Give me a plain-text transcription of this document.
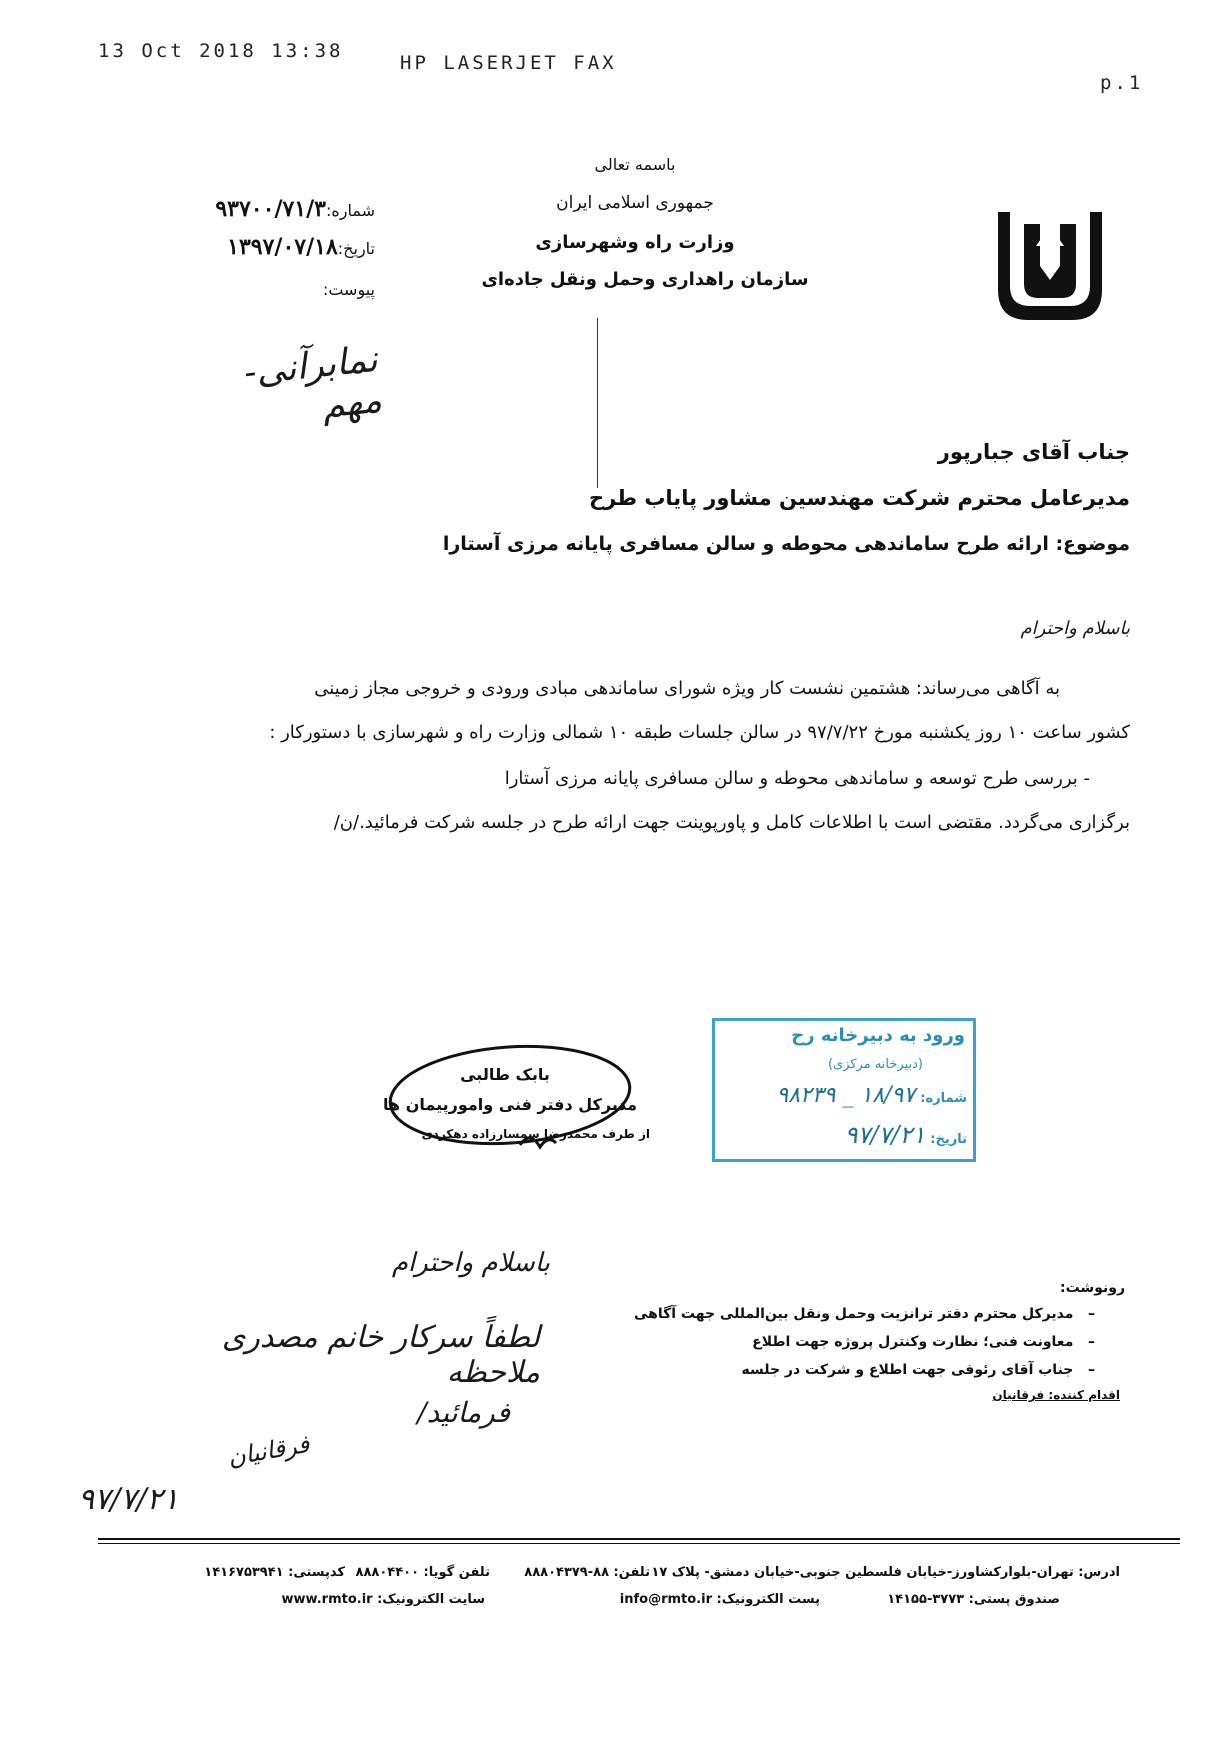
13 Oct 2018 13:38
HP LASERJET FAX
p.1
باسمه تعالی
جمهوری اسلامی ایران
وزارت راه وشهرسازی
سازمان راهداری وحمل ونقل جاده‌ای
شماره:۹۳۷۰۰/۷۱/۳
تاریخ:۱۳۹۷/۰۷/۱۸
پیوست:
نمابرآنی- مهم
جناب آقای جبارپور
مدیرعامل محترم شرکت مهندسین مشاور پایاب طرح
موضوع: ارائه طرح ساماندهی محوطه و سالن مسافری پایانه مرزی آستارا
باسلام واحترام
به آگاهی می‌رساند: هشتمین نشست کار ویژه شورای ساماندهی مبادی ورودی و خروجی مجاز زمینی
کشور ساعت ۱۰ روز یکشنبه مورخ ۹۷/۷/۲۲ در سالن جلسات طبقه ۱۰ شمالی وزارت راه و شهرسازی با دستورکار :
- بررسی طرح توسعه و ساماندهی محوطه و سالن مسافری پایانه مرزی آستارا
برگزاری می‌گردد. مقتضی است با اطلاعات کامل و پاورپوینت جهت ارائه طرح در جلسه شرکت فرمائید./ن/
بابک طالبی
مدیرکل دفتر فنی وامورپیمان ها
از طرف محمدرضا سمسارزاده دهکردی
ورود به دبیرخانه رح
(دبیرخانه مرکزی)
شماره: ۱۸/۹۷ _ ۹۸۲۳۹
تاریخ: ۹۷/۷/۲۱
باسلام واحترام
لطفاً سرکار خانم مصدری ملاحظه
فرمائید/
فرقانیان
۹۷/۷/۲۱
رونوشت:
–   مدیرکل محترم دفتر ترانزیت وحمل ونقل بین‌المللی جهت آگاهی
–   معاونت فنی؛ نظارت وکنترل پروژه جهت اطلاع
–   جناب آقای رئوفی جهت اطلاع و شرکت در جلسه
اقدام کننده: فرقانیان
ادرس: تهران-بلوارکشاورز-خیابان فلسطین جنوبی-خیابان دمشق- پلاک ۱۷
تلفن: ۸۸-۸۸۸۰۴۳۷۹
تلفن گویا: ۸۸۸۰۴۴۰۰
کدپستی: ۱۴۱۶۷۵۳۹۴۱
صندوق پستی: ۳۷۷۳-۱۴۱۵۵
پست الکترونیک: info@rmto.ir
سایت الکترونیک: www.rmto.ir
